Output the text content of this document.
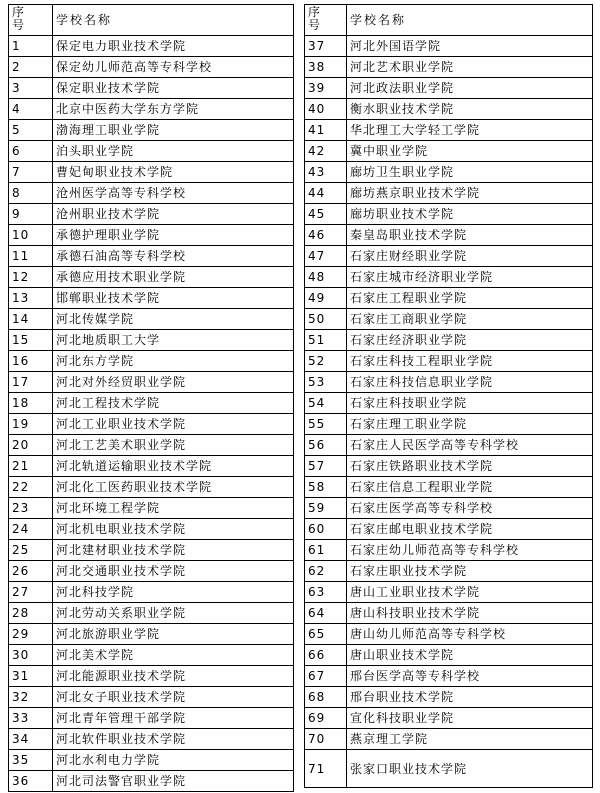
序号	学校名称
1	保定电力职业技术学院
2	保定幼儿师范高等专科学校
3	保定职业技术学院
4	北京中医药大学东方学院
5	渤海理工职业学院
6	泊头职业学院
7	曹妃甸职业技术学院
8	沧州医学高等专科学校
9	沧州职业技术学院
10	承德护理职业学院
11	承德石油高等专科学校
12	承德应用技术职业学院
13	邯郸职业技术学院
14	河北传媒学院
15	河北地质职工大学
16	河北东方学院
17	河北对外经贸职业学院
18	河北工程技术学院
19	河北工业职业技术学院
20	河北工艺美术职业学院
21	河北轨道运输职业技术学院
22	河北化工医药职业技术学院
23	河北环境工程学院
24	河北机电职业技术学院
25	河北建材职业技术学院
26	河北交通职业技术学院
27	河北科技学院
28	河北劳动关系职业学院
29	河北旅游职业学院
30	河北美术学院
31	河北能源职业技术学院
32	河北女子职业技术学院
33	河北青年管理干部学院
34	河北软件职业技术学院
35	河北水利电力学院
36	河北司法警官职业学院
序号	学校名称
37	河北外国语学院
38	河北艺术职业学院
39	河北政法职业学院
40	衡水职业技术学院
41	华北理工大学轻工学院
42	冀中职业学院
43	廊坊卫生职业学院
44	廊坊燕京职业技术学院
45	廊坊职业技术学院
46	秦皇岛职业技术学院
47	石家庄财经职业学院
48	石家庄城市经济职业学院
49	石家庄工程职业学院
50	石家庄工商职业学院
51	石家庄经济职业学院
52	石家庄科技工程职业学院
53	石家庄科技信息职业学院
54	石家庄科技职业学院
55	石家庄理工职业学院
56	石家庄人民医学高等专科学校
57	石家庄铁路职业技术学院
58	石家庄信息工程职业学院
59	石家庄医学高等专科学校
60	石家庄邮电职业技术学院
61	石家庄幼儿师范高等专科学校
62	石家庄职业技术学院
63	唐山工业职业技术学院
64	唐山科技职业技术学院
65	唐山幼儿师范高等专科学校
66	唐山职业技术学院
67	邢台医学高等专科学校
68	邢台职业技术学院
69	宣化科技职业学院
70	燕京理工学院
71	张家口职业技术学院
